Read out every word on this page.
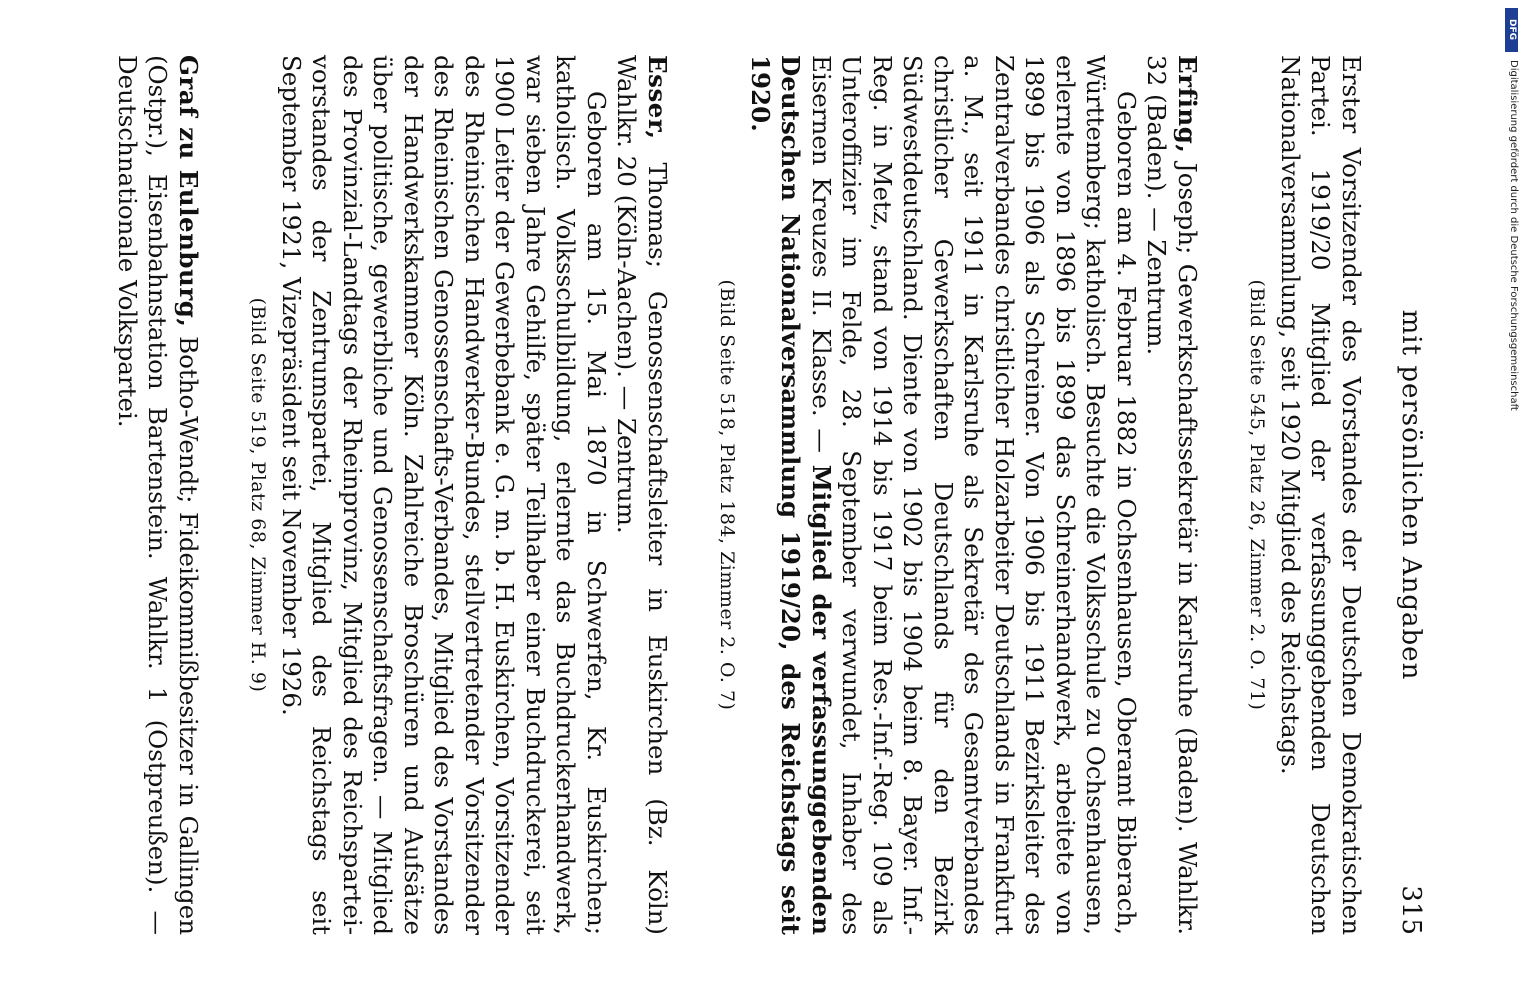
mit persönlichen Angaben
315

Erster Vorsitzender des Vorstandes der Deutschen Demokratischen Partei. 1919/20 Mitglied der verfassunggebenden Deutschen Nationalversammlung, seit 1920 Mitglied des Reichstags.

(Bild Seite 545, Platz 26, Zimmer 2. O. 71)

Erfing, Joseph; Gewerkschaftssekretär in Karlsruhe (Baden). Wahlkr. 32 (Baden). — Zentrum.

Geboren am 4. Februar 1882 in Ochsenhausen, Oberamt Biberach, Württemberg; katholisch. Besuchte die Volksschule zu Ochsenhausen, erlernte von 1896 bis 1899 das Schreinerhandwerk, arbeitete von 1899 bis 1906 als Schreiner. Von 1906 bis 1911 Bezirksleiter des Zentralverbandes christlicher Holzarbeiter Deutschlands in Frankfurt a. M., seit 1911 in Karlsruhe als Sekretär des Gesamtverbandes christlicher Gewerkschaften Deutschlands für den Bezirk Südwestdeutschland. Diente von 1902 bis 1904 beim 8. Bayer. Inf.-Reg. in Metz, stand von 1914 bis 1917 beim Res.-Inf.-Reg. 109 als Unteroffizier im Felde, 28. September verwundet, Inhaber des Eisernen Kreuzes II. Klasse. — Mitglied der verfassunggebenden Deutschen Nationalversammlung 1919/20, des Reichstags seit 1920.

(Bild Seite 518, Platz 184, Zimmer 2. O. 7)

Esser, Thomas; Genossenschaftsleiter in Euskirchen (Bz. Köln) Wahlkr. 20 (Köln-Aachen). — Zentrum.

Geboren am 15. Mai 1870 in Schwerfen, Kr. Euskirchen; katholisch. Volksschulbildung, erlernte das Buchdruckerhandwerk, war sieben Jahre Gehilfe, später Teilhaber einer Buchdruckerei, seit 1900 Leiter der Gewerbebank e. G. m. b. H. Euskirchen, Vorsitzender des Rheinischen Handwerker-Bundes, stellvertretender Vorsitzender des Rheinischen Genossenschafts-Verbandes, Mitglied des Vorstandes der Handwerkskammer Köln. Zahlreiche Broschüren und Aufsätze über politische, gewerbliche und Genossenschaftsfragen. — Mitglied des Provinzial-Landtags der Rheinprovinz, Mitglied des Reichspartei-vorstandes der Zentrumspartei, Mitglied des Reichstags seit September 1921, Vizepräsident seit November 1926.

(Bild Seite 519, Platz 68, Zimmer H. 9)

Graf zu Eulenburg, Botho-Wendt; Fideikommißbesitzer in Gallingen (Ostpr.), Eisenbahnstation Bartenstein. Wahlkr. 1 (Ostpreußen). — Deutschnationale Volkspartei.

DFG
Digitalisierung gefördert durch die Deutsche Forschungsgemeinschaft
